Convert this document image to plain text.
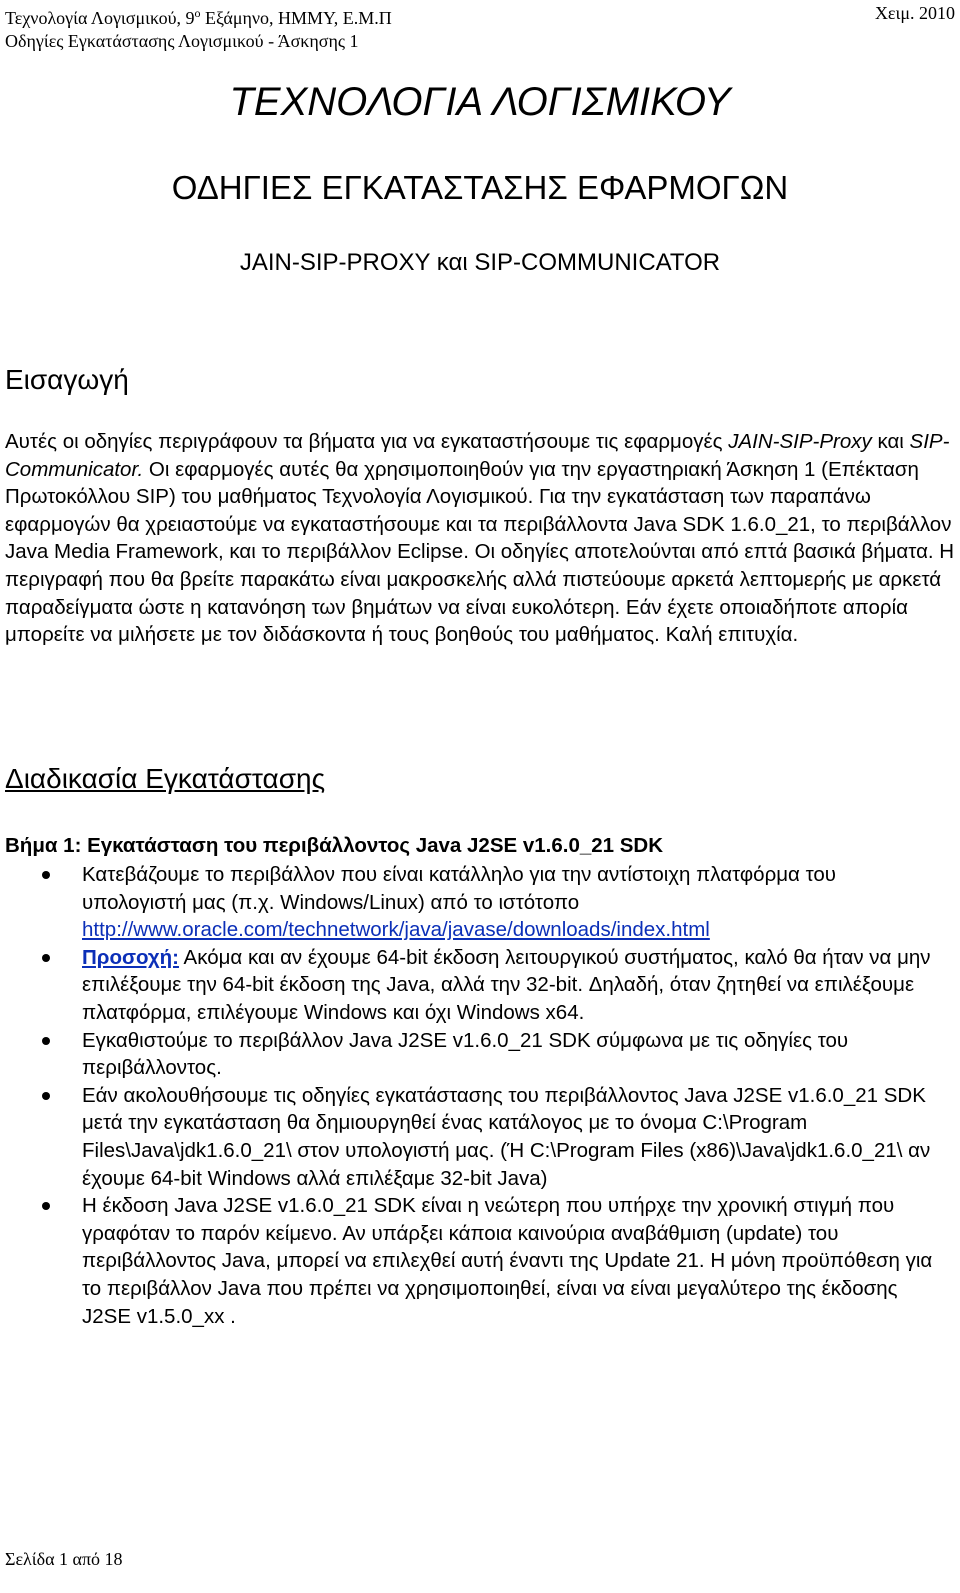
Τεχνολογία Λογισμικού, $9^o$ Εξάμηνο, ΗΜΜΥ, Ε.Μ.Π	Χειμ. 2010
Οδηγίες Εγκατάστασης Λογισμικού - Άσκησης 1
ΤΕΧΝΟΛΟΓΙΑ ΛΟΓΙΣΜΙΚΟΥ
ΟΔΗΓΙΕΣ ΕΓΚΑΤΑΣΤΑΣΗΣ ΕΦΑΡΜΟΓΩΝ
JAIN-SIP-PROXY και SIP-COMMUNICATOR
Εισαγωγή

Αυτές οι οδηγίες περιγράφουν τα βήματα για να εγκαταστήσουμε τις εφαρμογές JAIN-SIP-Proxy και SIP-Communicator. Οι εφαρμογές αυτές θα χρησιμοποιηθούν για την εργαστηριακή Άσκηση 1 (Επέκταση Πρωτοκόλλου SIP) του μαθήματος Τεχνολογία Λογισμικού. Για την εγκατάσταση των παραπάνω εφαρμογών θα χρειαστούμε να εγκαταστήσουμε και τα περιβάλλοντα Java SDK 1.6.0_21, το περιβάλλον Java Media Framework, και το περιβάλλον Eclipse. Οι οδηγίες αποτελούνται από επτά βασικά βήματα. Η περιγραφή που θα βρείτε παρακάτω είναι μακροσκελής αλλά πιστεύουμε αρκετά λεπτομερής με αρκετά παραδείγματα ώστε η κατανόηση των βημάτων να είναι ευκολότερη. Εάν έχετε οποιαδήποτε απορία μπορείτε να μιλήσετε με τον διδάσκοντα ή τους βοηθούς του μαθήματος. Καλή επιτυχία.

Διαδικασία Εγκατάστασης
Βήμα 1: Εγκατάσταση του περιβάλλοντος Java J2SE v1.6.0_21 SDK
Κατεβάζουμε το περιβάλλον που είναι κατάλληλο για την αντίστοιχη πλατφόρμα του υπολογιστή μας (π.χ. Windows/Linux) από το ιστότοπο http://www.oracle.com/technetwork/java/javase/downloads/index.html
Προσοχή: Ακόμα και αν έχουμε 64-bit έκδοση λειτουργικού συστήματος, καλό θα ήταν να μην επιλέξουμε την 64-bit έκδοση της Java, αλλά την 32-bit. Δηλαδή, όταν ζητηθεί να επιλέξουμε πλατφόρμα, επιλέγουμε Windows και όχι Windows x64.
Εγκαθιστούμε το περιβάλλον Java J2SE v1.6.0_21 SDK σύμφωνα με τις οδηγίες του περιβάλλοντος.
Εάν ακολουθήσουμε τις οδηγίες εγκατάστασης του περιβάλλοντος Java J2SE v1.6.0_21 SDK μετά την εγκατάσταση θα δημιουργηθεί ένας κατάλογος με το όνομα C:\Program Files\Java\jdk1.6.0_21\ στον υπολογιστή μας. (Ή C:\Program Files (x86)\Java\jdk1.6.0_21\ αν έχουμε 64-bit Windows αλλά επιλέξαμε 32-bit Java)
Η έκδοση Java J2SE v1.6.0_21 SDK είναι η νεώτερη που υπήρχε την χρονική στιγμή που γραφόταν το παρόν κείμενο. Αν υπάρξει κάποια καινούρια αναβάθμιση (update) του περιβάλλοντος Java, μπορεί να επιλεχθεί αυτή έναντι της Update 21. Η μόνη προϋπόθεση για το περιβάλλον Java που πρέπει να χρησιμοποιηθεί, είναι να είναι μεγαλύτερο της έκδοσης J2SE v1.5.0_xx .
Σελίδα 1 από 18
